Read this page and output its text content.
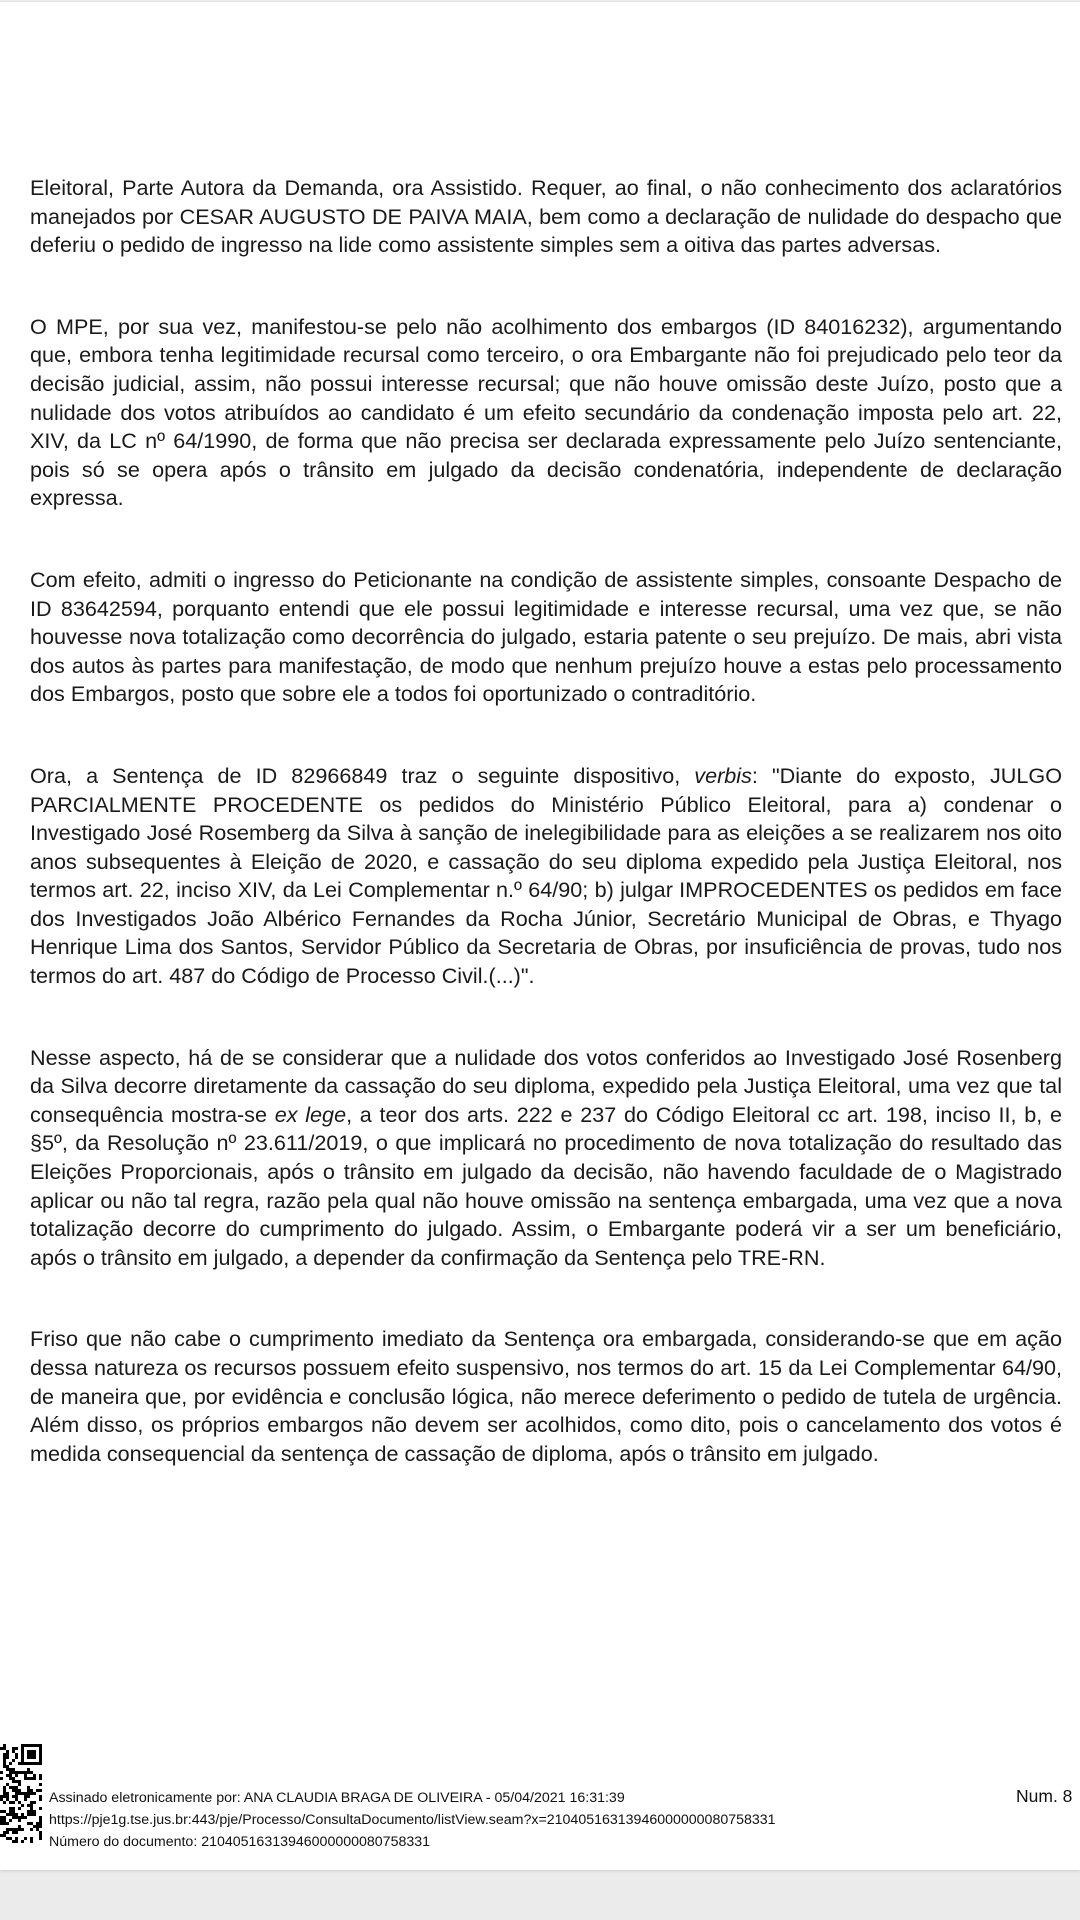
Eleitoral, Parte Autora da Demanda, ora Assistido. Requer, ao final, o não conhecimento dos aclaratórios manejados por CESAR AUGUSTO DE PAIVA MAIA, bem como a declaração de nulidade do despacho que deferiu o pedido de ingresso na lide como assistente simples sem a oitiva das partes adversas.

O MPE, por sua vez, manifestou-se pelo não acolhimento dos embargos (ID 84016232), argumentando que, embora tenha legitimidade recursal como terceiro, o ora Embargante não foi prejudicado pelo teor da decisão judicial, assim, não possui interesse recursal; que não houve omissão deste Juízo, posto que a nulidade dos votos atribuídos ao candidato é um efeito secundário da condenação imposta pelo art. 22, XIV, da LC nº 64/1990, de forma que não precisa ser declarada expressamente pelo Juízo sentenciante, pois só se opera após o trânsito em julgado da decisão condenatória, independente de declaração expressa.

Com efeito, admiti o ingresso do Peticionante na condição de assistente simples, consoante Despacho de ID 83642594, porquanto entendi que ele possui legitimidade e interesse recursal, uma vez que, se não houvesse nova totalização como decorrência do julgado, estaria patente o seu prejuízo. De mais, abri vista dos autos às partes para manifestação, de modo que nenhum prejuízo houve a estas pelo processamento dos Embargos, posto que sobre ele a todos foi oportunizado o contraditório.

Ora, a Sentença de ID 82966849 traz o seguinte dispositivo, verbis: "Diante do exposto, JULGO PARCIALMENTE PROCEDENTE os pedidos do Ministério Público Eleitoral, para a) condenar o Investigado José Rosemberg da Silva à sanção de inelegibilidade para as eleições a se realizarem nos oito anos subsequentes à Eleição de 2020, e cassação do seu diploma expedido pela Justiça Eleitoral, nos termos art. 22, inciso XIV, da Lei Complementar n.º 64/90; b) julgar IMPROCEDENTES os pedidos em face dos Investigados João Albérico Fernandes da Rocha Júnior, Secretário Municipal de Obras, e Thyago Henrique Lima dos Santos, Servidor Público da Secretaria de Obras, por insuficiência de provas, tudo nos termos do art. 487 do Código de Processo Civil.(...)".

Nesse aspecto, há de se considerar que a nulidade dos votos conferidos ao Investigado José Rosenberg da Silva decorre diretamente da cassação do seu diploma, expedido pela Justiça Eleitoral, uma vez que tal consequência mostra-se ex lege, a teor dos arts. 222 e 237 do Código Eleitoral cc art. 198, inciso II, b, e §5º, da Resolução nº 23.611/2019, o que implicará no procedimento de nova totalização do resultado das Eleições Proporcionais, após o trânsito em julgado da decisão, não havendo faculdade de o Magistrado aplicar ou não tal regra, razão pela qual não houve omissão na sentença embargada, uma vez que a nova totalização decorre do cumprimento do julgado. Assim, o Embargante poderá vir a ser um beneficiário, após o trânsito em julgado, a depender da confirmação da Sentença pelo TRE-RN.

Friso que não cabe o cumprimento imediato da Sentença ora embargada, considerando-se que em ação dessa natureza os recursos possuem efeito suspensivo, nos termos do art. 15 da Lei Complementar 64/90, de maneira que, por evidência e conclusão lógica, não merece deferimento o pedido de tutela de urgência. Além disso, os próprios embargos não devem ser acolhidos, como dito, pois o cancelamento dos votos é medida consequencial da sentença de cassação de diploma, após o trânsito em julgado.

Assinado eletronicamente por: ANA CLAUDIA BRAGA DE OLIVEIRA - 05/04/2021 16:31:39
https://pje1g.tse.jus.br:443/pje/Processo/ConsultaDocumento/listView.seam?x=21040516313946000000080758331
Número do documento: 21040516313946000000080758331
Num. 8
